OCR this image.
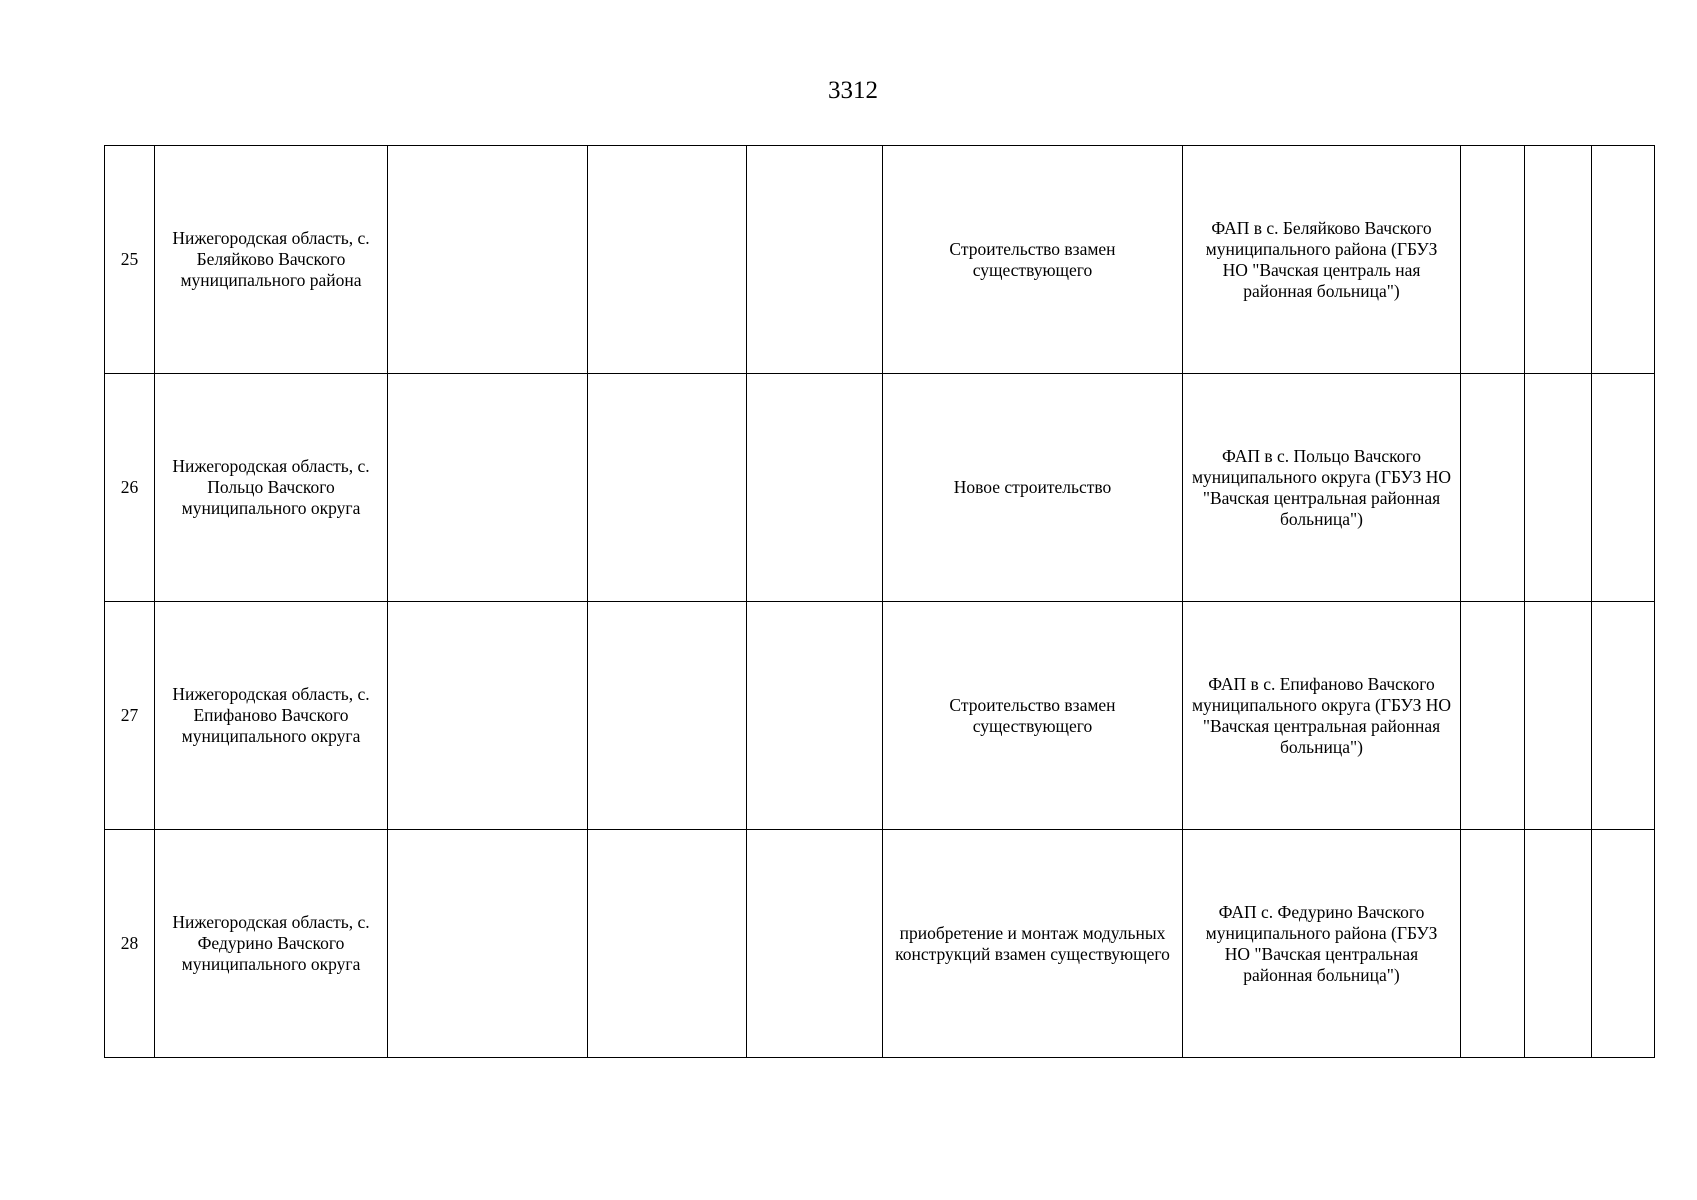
3312
25	Нижегородская область, с. Беляйково Вачского муниципального района				Строительство взамен существующего	ФАП в с. Беляйково Вачского муниципального района (ГБУЗ НО "Вачская централь ная районная больница")			
26	Нижегородская область, с. Польцо Вачского муниципального округа				Новое строительство	ФАП в с. Польцо Вачского муниципального округа (ГБУЗ НО "Вачская центральная районная больница")			
27	Нижегородская область, с. Епифаново Вачского муниципального округа				Строительство взамен существующего	ФАП в с. Епифаново Вачского муниципального округа (ГБУЗ НО "Вачская центральная районная больница")			
28	Нижегородская область, с. Федурино Вачского муниципального округа				приобретение и монтаж модульных конструкций взамен существующего	ФАП с. Федурино Вачского муниципального района (ГБУЗ НО "Вачская центральная районная больница")			
